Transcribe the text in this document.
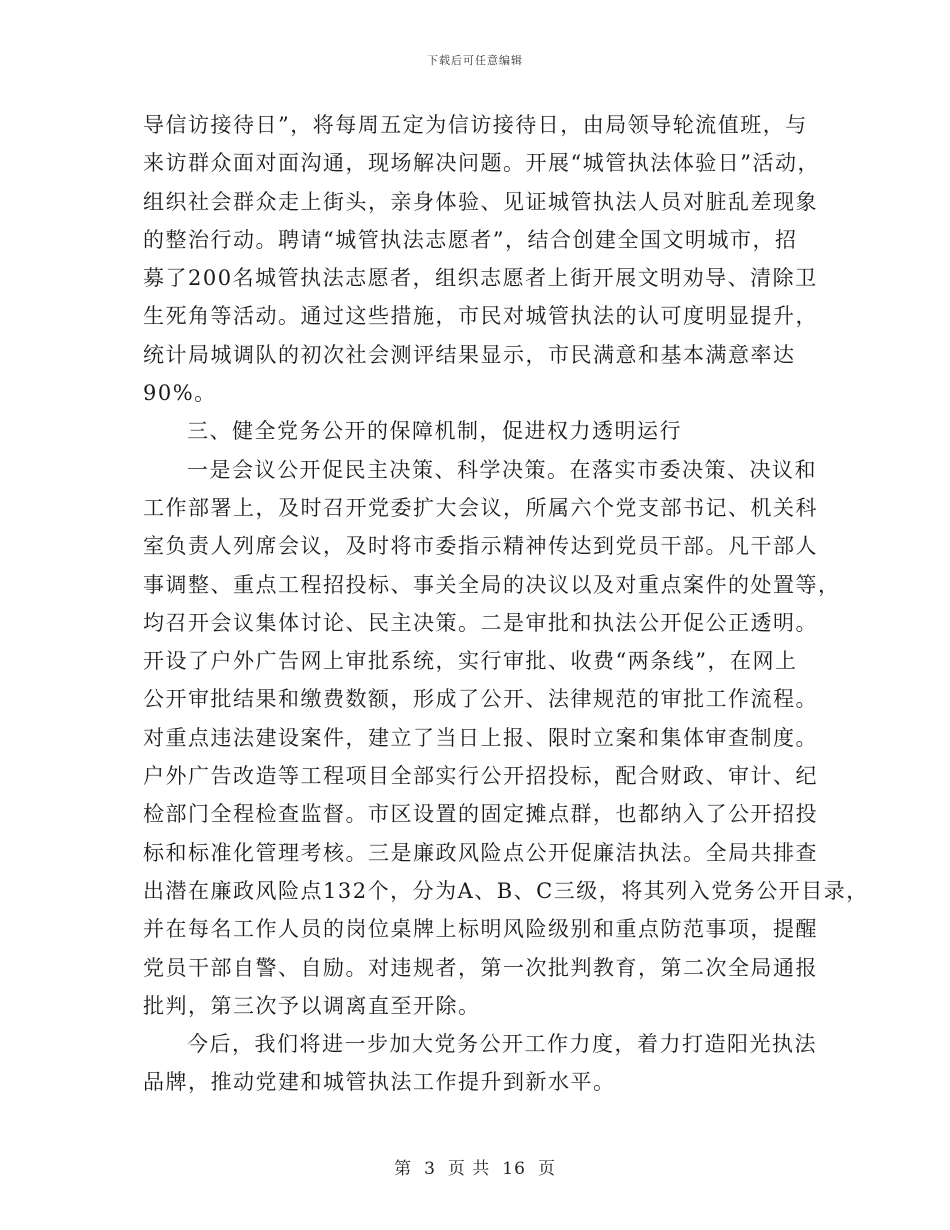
下载后可任意编辑
导信访接待日”，将每周五定为信访接待日，由局领导轮流值班，与
来访群众面对面沟通，现场解决问题。开展“城管执法体验日”活动，
组织社会群众走上街头，亲身体验、见证城管执法人员对脏乱差现象
的整治行动。聘请“城管执法志愿者”，结合创建全国文明城市，招
募了200名城管执法志愿者，组织志愿者上街开展文明劝导、清除卫
生死角等活动。通过这些措施，市民对城管执法的认可度明显提升，
统计局城调队的初次社会测评结果显示，市民满意和基本满意率达
90%。
三、健全党务公开的保障机制，促进权力透明运行
一是会议公开促民主决策、科学决策。在落实市委决策、决议和
工作部署上，及时召开党委扩大会议，所属六个党支部书记、机关科
室负责人列席会议，及时将市委指示精神传达到党员干部。凡干部人
事调整、重点工程招投标、事关全局的决议以及对重点案件的处置等，
均召开会议集体讨论、民主决策。二是审批和执法公开促公正透明。
开设了户外广告网上审批系统，实行审批、收费“两条线”，在网上
公开审批结果和缴费数额，形成了公开、法律规范的审批工作流程。
对重点违法建设案件，建立了当日上报、限时立案和集体审查制度。
户外广告改造等工程项目全部实行公开招投标，配合财政、审计、纪
检部门全程检查监督。市区设置的固定摊点群，也都纳入了公开招投
标和标准化管理考核。三是廉政风险点公开促廉洁执法。全局共排查
出潜在廉政风险点132个，分为A、B、C三级，将其列入党务公开目录，
并在每名工作人员的岗位桌牌上标明风险级别和重点防范事项，提醒
党员干部自警、自励。对违规者，第一次批判教育，第二次全局通报
批判，第三次予以调离直至开除。
今后，我们将进一步加大党务公开工作力度，着力打造阳光执法
品牌，推动党建和城管执法工作提升到新水平。
第 3 页 共 16 页
